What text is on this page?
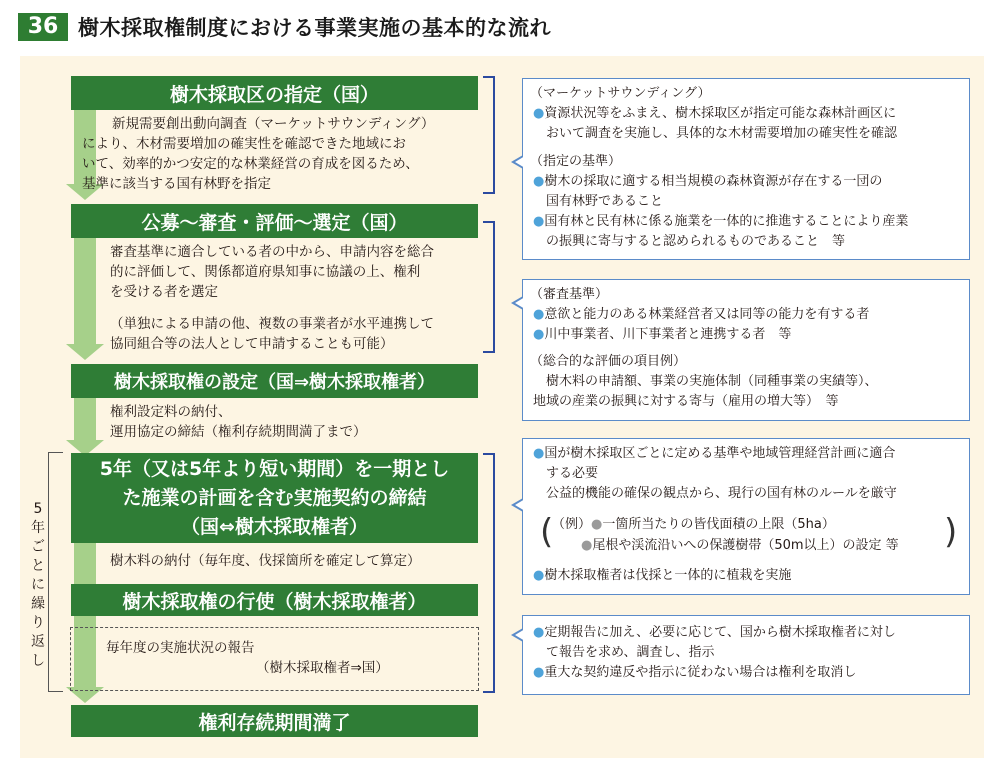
36 樹木採取権制度における事業実施の基本的な流れ
樹木採取区の指定（国）
新規需要創出動向調査（マーケットサウンディング）
により、木材需要増加の確実性を確認できた地域にお
いて、効率的かつ安定的な林業経営の育成を図るため、
基準に該当する国有林野を指定
公募～審査・評価～選定（国）
審査基準に適合している者の中から、申請内容を総合
的に評価して、関係都道府県知事に協議の上、権利
を受ける者を選定
（単独による申請の他、複数の事業者が水平連携して
協同組合等の法人として申請することも可能）
樹木採取権の設定（国⇒樹木採取権者）
権利設定料の納付、
運用協定の締結（権利存続期間満了まで）
5年（又は5年より短い期間）を一期とし
た施業の計画を含む実施契約の締結
（国⇔樹木採取権者）
樹木料の納付（毎年度、伐採箇所を確定して算定）
樹木採取権の行使（樹木採取権者）
毎年度の実施状況の報告
（樹木採取権者⇒国）
権利存続期間満了
5年ごとに繰り返し
（マーケットサウンディング）
●資源状況等をふまえ、樹木採取区が指定可能な森林計画区に
　おいて調査を実施し、具体的な木材需要増加の確実性を確認
（指定の基準）
●樹木の採取に適する相当規模の森林資源が存在する一団の
　国有林野であること
●国有林と民有林に係る施業を一体的に推進することにより産業
　の振興に寄与すると認められるものであること　等
（審査基準）
●意欲と能力のある林業経営者又は同等の能力を有する者
●川中事業者、川下事業者と連携する者　等
（総合的な評価の項目例）
　樹木料の申請額、事業の実施体制（同種事業の実績等）、
地域の産業の振興に対する寄与（雇用の増大等）　等
●国が樹木採取区ごとに定める基準や地域管理経営計画に適合
　する必要
　公益的機能の確保の観点から、現行の国有林のルールを厳守
(
（例）●一箇所当たりの皆伐面積の上限（5ha）
●尾根や渓流沿いへの保護樹帯（50m以上）の設定 等 )
●樹木採取権者は伐採と一体的に植栽を実施
●定期報告に加え、必要に応じて、国から樹木採取権者に対し
　て報告を求め、調査し、指示
●重大な契約違反や指示に従わない場合は権利を取消し
